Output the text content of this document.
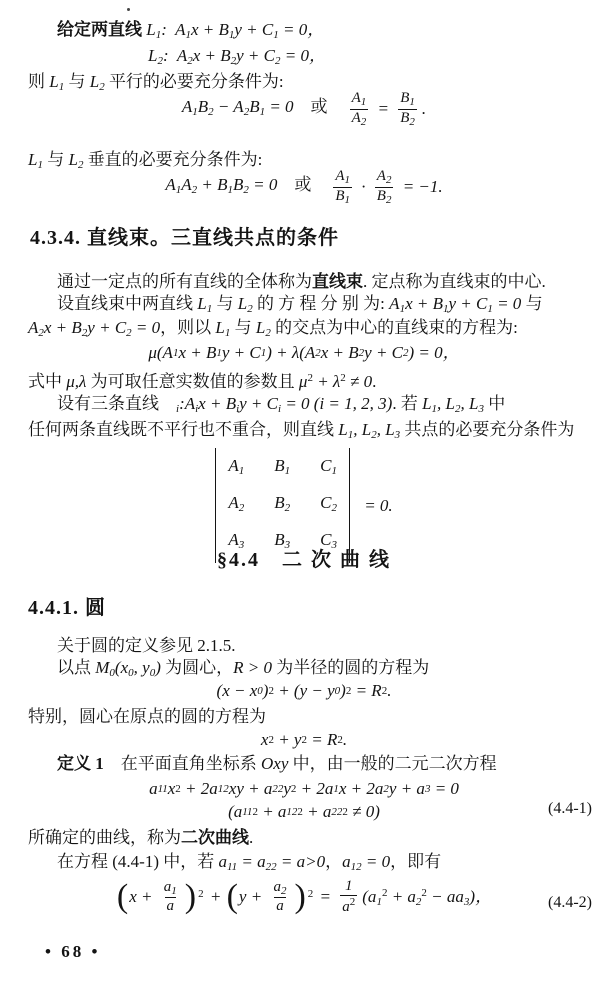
给定两直线 L1:  A1x + B1y + C1 = 0，
L2:  A2x + B2y + C2 = 0，
则 L1 与 L2 平行的必要充分条件为:
A1B2 − A2B1 = 0　或　 $\frac{A_1}{A_2} = \frac{B_1}{B_2}$ .
L1 与 L2 垂直的必要充分条件为:
A1A2 + B1B2 = 0　或　 $\frac{A_1}{B_1} \cdot \frac{A_2}{B_2} = -1$.
4.3.4. 直线束。三直线共点的条件
通过一定点的所有直线的全体称为直线束. 定点称为直线束的中心.
设直线束中两直线 L1 与 L2 的 方 程 分 别 为: A1x + B1y + C1 = 0 与
A2x + B2y + C2 = 0，则以 L1 与 L2 的交点为中心的直线束的方程为:
μ(A 1 x + B 1 y + C 1 ) + λ(A 2 x + B 2 y + C 2 ) = 0，
式中 μ,λ 为可取任意实数值的参数且 $\mu^2 + \lambda^2 \ne 0$.
设有三条直线　i:Aix + Biy + Ci = 0 (i = 1, 2, 3). 若 L1, L2, L3 中
任何两条直线既不平行也不重合，则直线 L1, L2, L3 共点的必要充分条件为
A1 B1 C1
A2 B2 C2
A3 B3 C3
= 0.
§4.4　二 次 曲 线
4.4.1. 圆
关于圆的定义参见 2.1.5.
以点 M0(x0, y0) 为圆心，R > 0 为半径的圆的方程为
(x − x 0 ) 2 + (y − y 0 ) 2 = R 2 .
特别，圆心在原点的圆的方程为
x 2 + y 2 = R 2 .
定义 1　在平面直角坐标系 Oxy 中，由一般的二元二次方程
a 11 x 2 + 2a 12 xy + a 22 y 2 + 2a 1 x + 2a 2 y + a 3 = 0
(a 11 2 + a 12 2 + a 22 2 ≠ 0)	(4.4-1)
所确定的曲线，称为二次曲线.
在方程 (4.4-1) 中，若 a11 = a22 = a>0，a12 = 0，即有
( $x + \frac{a_1}{a}$ ) 2 + ( $y + \frac{a_2}{a}$ ) $2 = \frac{1}{a^2} (a1^2 + a2^2 - aa3)$，	(4.4-2)
• 68 •
